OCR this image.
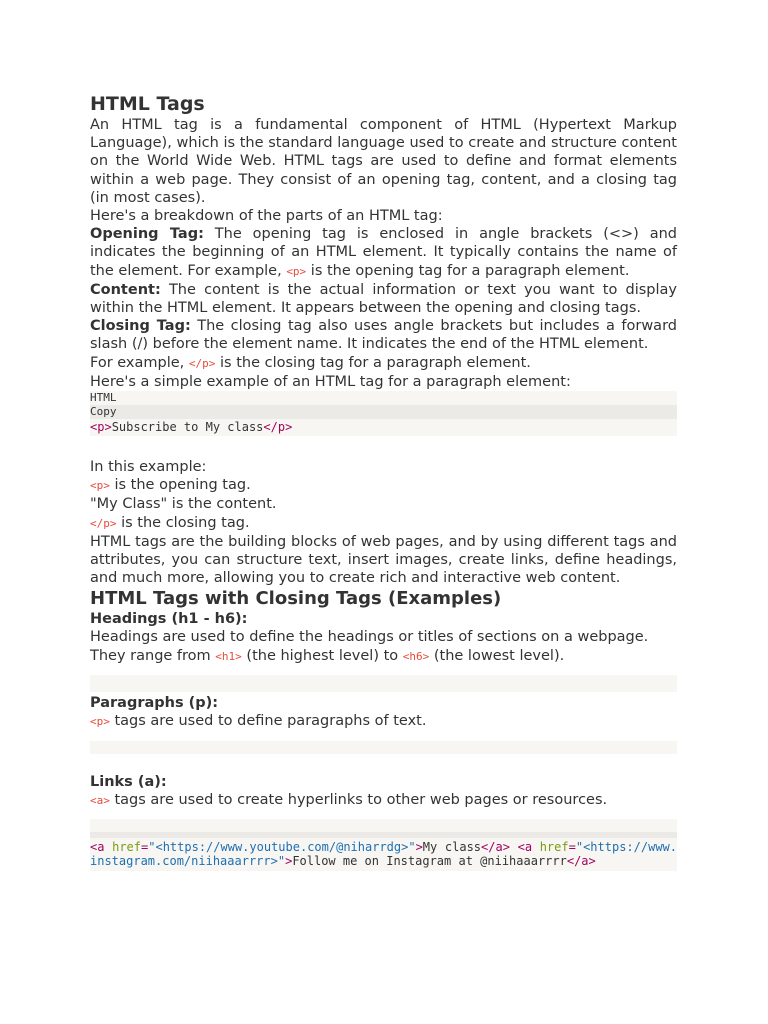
HTML Tags

An HTML tag is a fundamental component of HTML (Hypertext Markup Language), which is the standard language used to create and structure content on the World Wide Web. HTML tags are used to define and format elements within a web page. They consist of an opening tag, content, and a closing tag (in most cases).

Here's a breakdown of the parts of an HTML tag:

Opening Tag: The opening tag is enclosed in angle brackets (<>) and indicates the beginning of an HTML element. It typically contains the name of the element. For example, <p> is the opening tag for a paragraph element.

Content: The content is the actual information or text you want to display within the HTML element. It appears between the opening and closing tags.

Closing Tag: The closing tag also uses angle brackets but includes a forward slash (/) before the element name. It indicates the end of the HTML element.

For example, </p> is the closing tag for a paragraph element.

Here's a simple example of an HTML tag for a paragraph element:

HTML
Copy
<p>Subscribe to My class</p>

In this example:

<p> is the opening tag.

"My Class" is the content.

</p> is the closing tag.

HTML tags are the building blocks of web pages, and by using different tags and attributes, you can structure text, insert images, create links, define headings, and much more, allowing you to create rich and interactive web content.

HTML Tags with Closing Tags (Examples)
Headings (h1 - h6):

Headings are used to define the headings or titles of sections on a webpage.

They range from <h1> (the highest level) to <h6> (the lowest level).

Paragraphs (p):

<p> tags are used to define paragraphs of text.

Links (a):

<a> tags are used to create hyperlinks to other web pages or resources.

<a href="<https://www.youtube.com/@niharrdg>">My class</a> <a href="<https://www.instagram.com/niihaaarrrr>">Follow me on Instagram at @niihaaarrrr</a>
